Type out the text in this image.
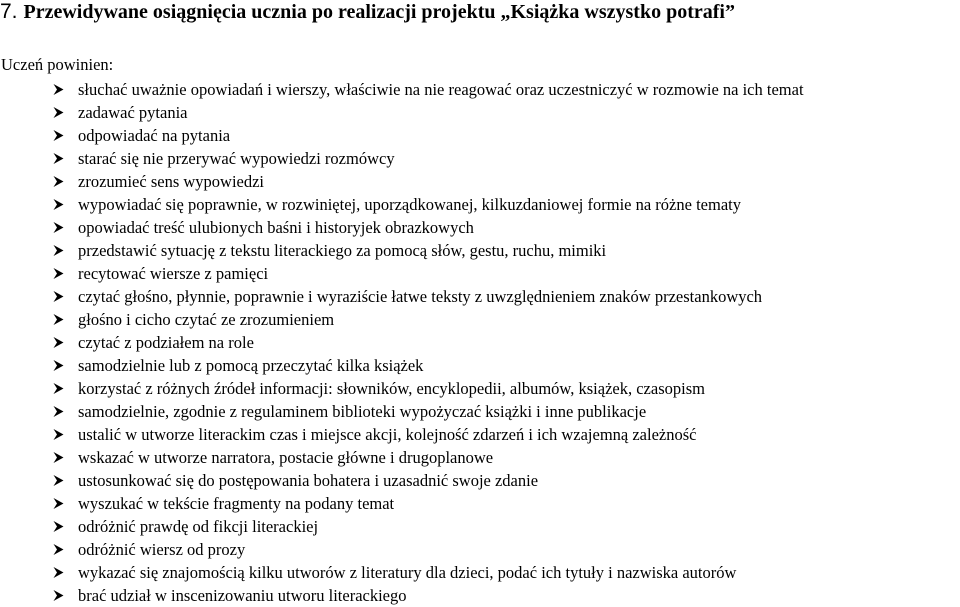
7. Przewidywane osiągnięcia ucznia po realizacji projektu „Książka wszystko potrafi”
Uczeń powinien:
słuchać uważnie opowiadań i wierszy, właściwie na nie reagować oraz uczestniczyć w rozmowie na ich temat
zadawać pytania
odpowiadać na pytania
starać się nie przerywać wypowiedzi rozmówcy
zrozumieć sens wypowiedzi
wypowiadać się poprawnie, w rozwiniętej, uporządkowanej, kilkuzdaniowej formie na różne tematy
opowiadać treść ulubionych baśni i historyjek obrazkowych
przedstawić sytuację z tekstu literackiego za pomocą słów, gestu, ruchu, mimiki
recytować wiersze z pamięci
czytać głośno, płynnie, poprawnie i wyraziście łatwe teksty z uwzględnieniem znaków przestankowych
głośno i cicho czytać ze zrozumieniem
czytać z podziałem na role
samodzielnie lub z pomocą przeczytać kilka książek
korzystać z różnych źródeł informacji: słowników, encyklopedii, albumów, książek, czasopism
samodzielnie, zgodnie z regulaminem biblioteki wypożyczać książki i inne publikacje
ustalić w utworze literackim czas i miejsce akcji, kolejność zdarzeń i ich wzajemną zależność
wskazać w utworze narratora, postacie główne i drugoplanowe
ustosunkować się do postępowania bohatera i uzasadnić swoje zdanie
wyszukać w tekście fragmenty na podany temat
odróżnić prawdę od fikcji literackiej
odróżnić wiersz od prozy
wykazać się znajomością kilku utworów z literatury dla dzieci, podać ich tytuły i nazwiska autorów
brać udział w inscenizowaniu utworu literackiego
